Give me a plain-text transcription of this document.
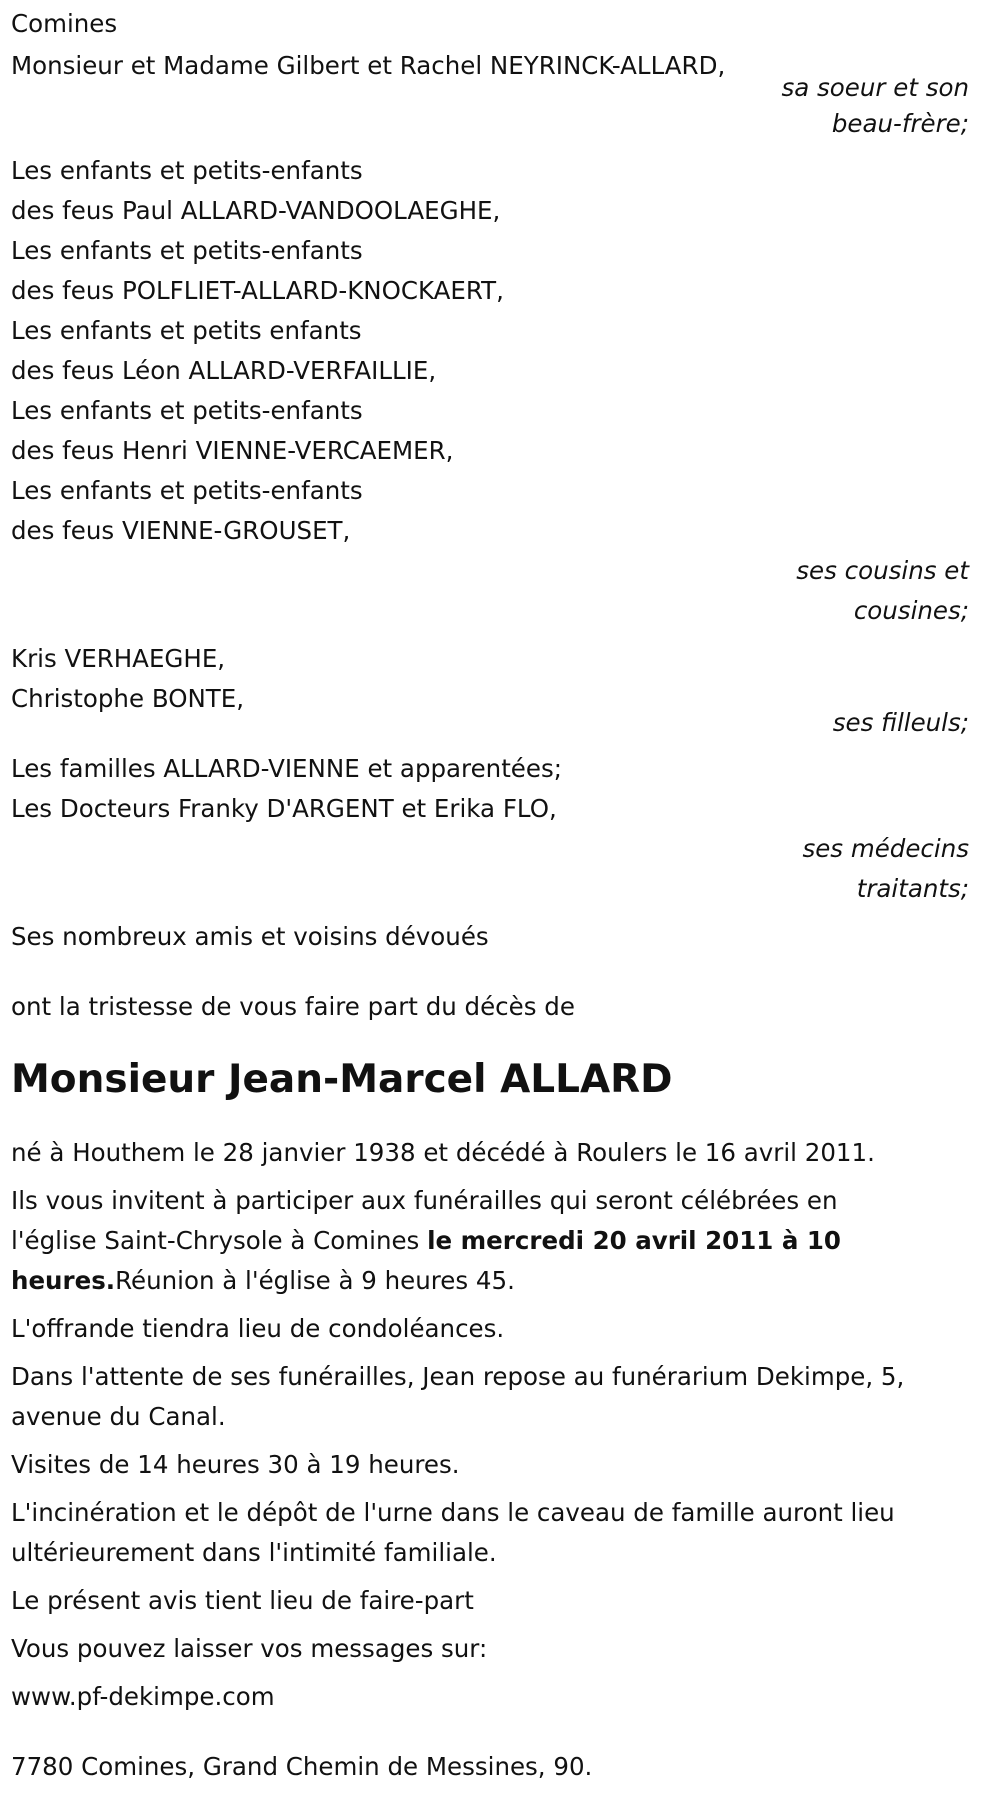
Comines
Monsieur et Madame Gilbert et Rachel NEYRINCK-ALLARD,
sa soeur et son
beau-frère;
Les enfants et petits-enfants
des feus Paul ALLARD-VANDOOLAEGHE,
Les enfants et petits-enfants
des feus POLFLIET-ALLARD-KNOCKAERT,
Les enfants et petits enfants
des feus Léon ALLARD-VERFAILLIE,
Les enfants et petits-enfants
des feus Henri VIENNE-VERCAEMER,
Les enfants et petits-enfants
des feus VIENNE-GROUSET,
ses cousins et
cousines;
Kris VERHAEGHE,
Christophe BONTE,
ses filleuls;
Les familles ALLARD-VIENNE et apparentées;
Les Docteurs Franky D'ARGENT et Erika FLO,
ses médecins
traitants;
Ses nombreux amis et voisins dévoués
ont la tristesse de vous faire part du décès de
Monsieur Jean-Marcel ALLARD

né à Houthem le 28 janvier 1938 et décédé à Roulers le 16 avril 2011.

Ils vous invitent à participer aux funérailles qui seront célébrées en
l'église Saint-Chrysole à Comines le mercredi 20 avril 2011 à 10
heures.Réunion à l'église à 9 heures 45.

L'offrande tiendra lieu de condoléances.

Dans l'attente de ses funérailles, Jean repose au funérarium Dekimpe, 5,
avenue du Canal.

Visites de 14 heures 30 à 19 heures.

L'incinération et le dépôt de l'urne dans le caveau de famille auront lieu
ultérieurement dans l'intimité familiale.

Le présent avis tient lieu de faire-part

Vous pouvez laisser vos messages sur:

www.pf-dekimpe.com

7780 Comines, Grand Chemin de Messines, 90.
